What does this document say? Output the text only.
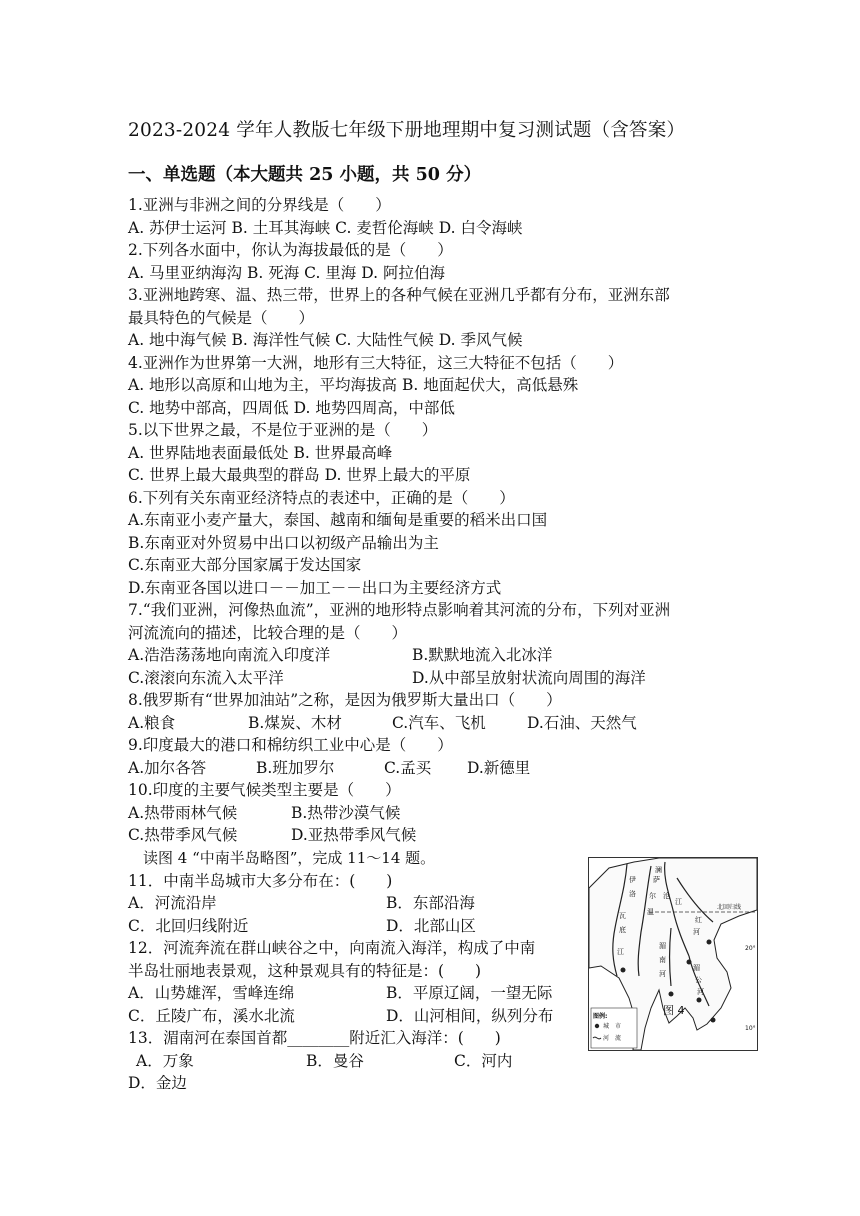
2023-2024 学年人教版七年级下册地理期中复习测试题（含答案）
一、单选题（本大题共 25 小题，共 50 分）
1.亚洲与非洲之间的分界线是（　　）
A. 苏伊士运河 B. 土耳其海峡 C. 麦哲伦海峡 D. 白令海峡
2.下列各水面中，你认为海拔最低的是（　　）
A. 马里亚纳海沟 B. 死海 C. 里海 D. 阿拉伯海
3.亚洲地跨寒、温、热三带，世界上的各种气候在亚洲几乎都有分布，亚洲东部
最具特色的气候是（　　）
A. 地中海气候 B. 海洋性气候 C. 大陆性气候 D. 季风气候
4.亚洲作为世界第一大洲，地形有三大特征，这三大特征不包括（　　）
A. 地形以高原和山地为主，平均海拔高 B. 地面起伏大，高低悬殊
C. 地势中部高，四周低 D. 地势四周高，中部低
5.以下世界之最，不是位于亚洲的是（　　）
A. 世界陆地表面最低处 B. 世界最高峰
C. 世界上最大最典型的群岛 D. 世界上最大的平原
6.下列有关东南亚经济特点的表述中，正确的是（　　）
A.东南亚小麦产量大，泰国、越南和缅甸是重要的稻米出口国
B.东南亚对外贸易中出口以初级产品输出为主
C.东南亚大部分国家属于发达国家
D.东南亚各国以进口－－加工－－出口为主要经济方式
7.“我们亚洲，河像热血流”，亚洲的地形特点影响着其河流的分布，下列对亚洲
河流流向的描述，比较合理的是（　　）
A.浩浩荡荡地向南流入印度洋	B.默默地流入北冰洋
C.滚滚向东流入太平洋	D.从中部呈放射状流向周围的海洋
8.俄罗斯有“世界加油站”之称，是因为俄罗斯大量出口（　　）
A.粮食	B.煤炭、木材	C.汽车、飞机	D.石油、天然气
9.印度最大的港口和棉纺织工业中心是（　　）
A.加尔各答	B.班加罗尔	C.孟买 D.新德里
10.印度的主要气候类型主要是（　　）
A.热带雨林气候	B.热带沙漠气候
C.热带季风气候	D.亚热带季风气候
读图 4 “中南半岛略图”，完成 11～14 题。
11．中南半岛城市大多分布在：(　　)
A．河流沿岸	B．东部沿海
C．北回归线附近	D．北部山区
12．河流奔流在群山峡谷之中，向南流入海洋，构成了中南
半岛壮丽地表景观，这种景观具有的特征是：(　　)
A．山势雄浑，雪峰连绵	B．平原辽阔，一望无际
C．丘陵广布，溪水北流	D．山河相间，纵列分布
13．湄南河在泰国首都________附近汇入海洋：(　　)
A．万象	B．曼谷	C．河内
D．金边
伊
洛
瓦
底
江
萨
尔
温
澜
沧
江
红
河
湄
南
河
湄
公
河
北回归线
20°
10°
图 4
图例:
城　市
河　流
